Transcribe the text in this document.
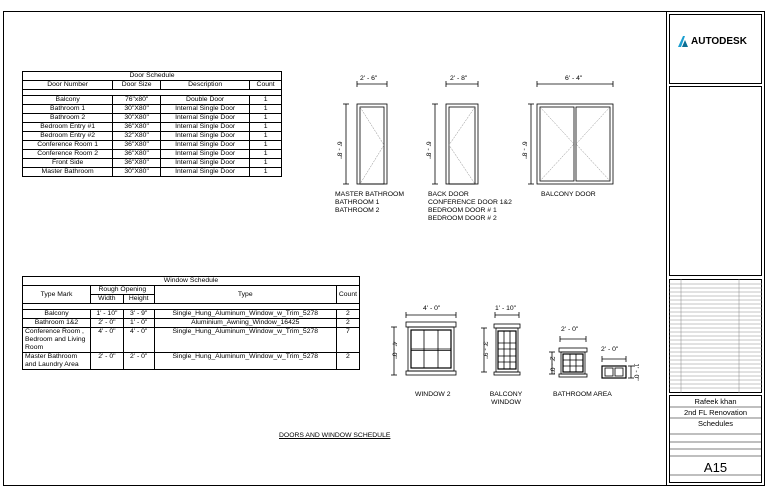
AUTODESK
Rafeek khan
2nd FL Renovation
Schedules
A15
Door Schedule			
Door Number	Door Size	Description	Count

Balcony	76"x80"	Double Door	1
Bathroom 1	30"X80"	Internal Single Door	1
Bathroom 2	30"X80"	Internal Single Door	1
Bedroom Entry #1	36"X80"	Internal Single Door	1
Bedroom Entry #2	32"X80"	Internal Single Door	1
Conference Room 1	36"X80"	Internal Single Door	1
Conference Room 2	36"X80"	Internal Single Door	1
Front Side	36"X80"	Internal Single Door	1
Master Bathroom	30"X80"	Internal Single Door	1
Window Schedule				
Type Mark	Rough Opening		Type	Count
	Width	Height		

Balcony	1' - 10"	3' - 9"	Single_Hung_Aluminum_Window_w_Trim_5278	2
Bathroom 1&2	2' - 0"	1' - 0"	Aluminium_Awning_Window_16425	2
Conference Room , Bedroom and Living Room	4' - 0"	4' - 0"	Single_Hung_Aluminum_Window_w_Trim_5278	7
Master Bathroom and Laundry Area	2' - 0"	2' - 0"	Single_Hung_Aluminum_Window_w_Trim_5278	2
2' - 6"	2' - 8"	6' - 4"
6' - 8"	6' - 8"	6' - 8"
MASTER BATHROOM
BATHROOM 1
BATHROOM 2
BACK DOOR
CONFERENCE DOOR 1&2
BEDROOM DOOR # 1
BEDROOM DOOR # 2
BALCONY DOOR
4' - 0"	1' - 10"
2' - 0"
2' - 0"
4' - 0"	3' - 9"
2' - 0"	1' - 0"
WINDOW 2	BALCONY
WINDOW
BATHROOM AREA
DOORS AND WINDOW SCHEDULE
